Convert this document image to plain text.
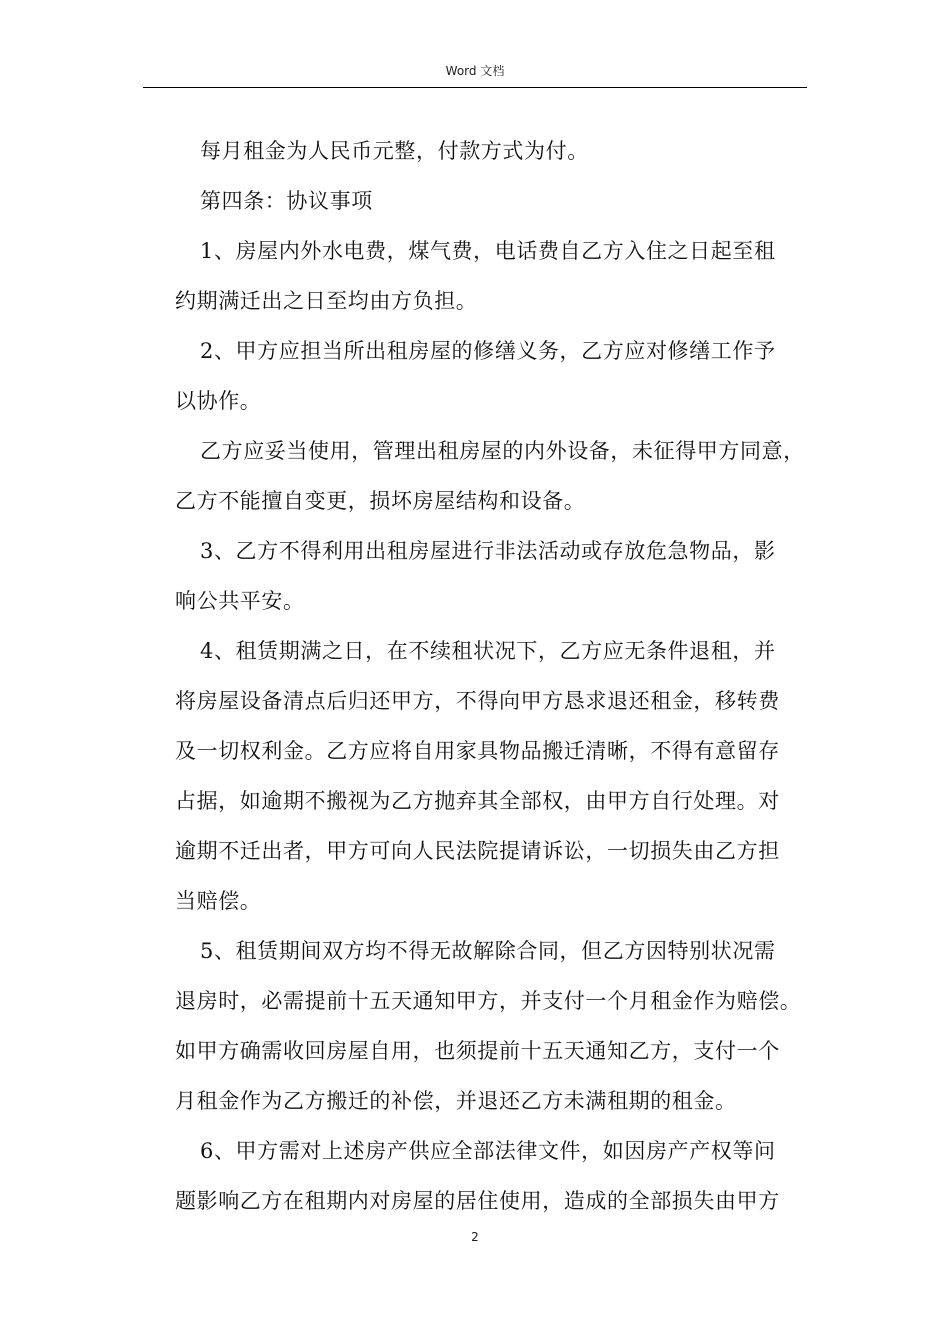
Word 文档
每月租金为人民币元整，付款方式为付。
第四条：协议事项
1、房屋内外水电费，煤气费，电话费自乙方入住之日起至租
约期满迁出之日至均由方负担。
2、甲方应担当所出租房屋的修缮义务，乙方应对修缮工作予
以协作。
乙方应妥当使用，管理出租房屋的内外设备，未征得甲方同意，
乙方不能擅自变更，损坏房屋结构和设备。
3、乙方不得利用出租房屋进行非法活动或存放危急物品，影
响公共平安。
4、租赁期满之日，在不续租状况下，乙方应无条件退租，并
将房屋设备清点后归还甲方，不得向甲方恳求退还租金，移转费
及一切权利金。乙方应将自用家具物品搬迁清晰，不得有意留存
占据，如逾期不搬视为乙方抛弃其全部权，由甲方自行处理。对
逾期不迁出者，甲方可向人民法院提请诉讼，一切损失由乙方担
当赔偿。
5、租赁期间双方均不得无故解除合同，但乙方因特别状况需
退房时，必需提前十五天通知甲方，并支付一个月租金作为赔偿。
如甲方确需收回房屋自用，也须提前十五天通知乙方，支付一个
月租金作为乙方搬迁的补偿，并退还乙方未满租期的租金。
6、甲方需对上述房产供应全部法律文件，如因房产产权等问
题影响乙方在租期内对房屋的居住使用，造成的全部损失由甲方
2
